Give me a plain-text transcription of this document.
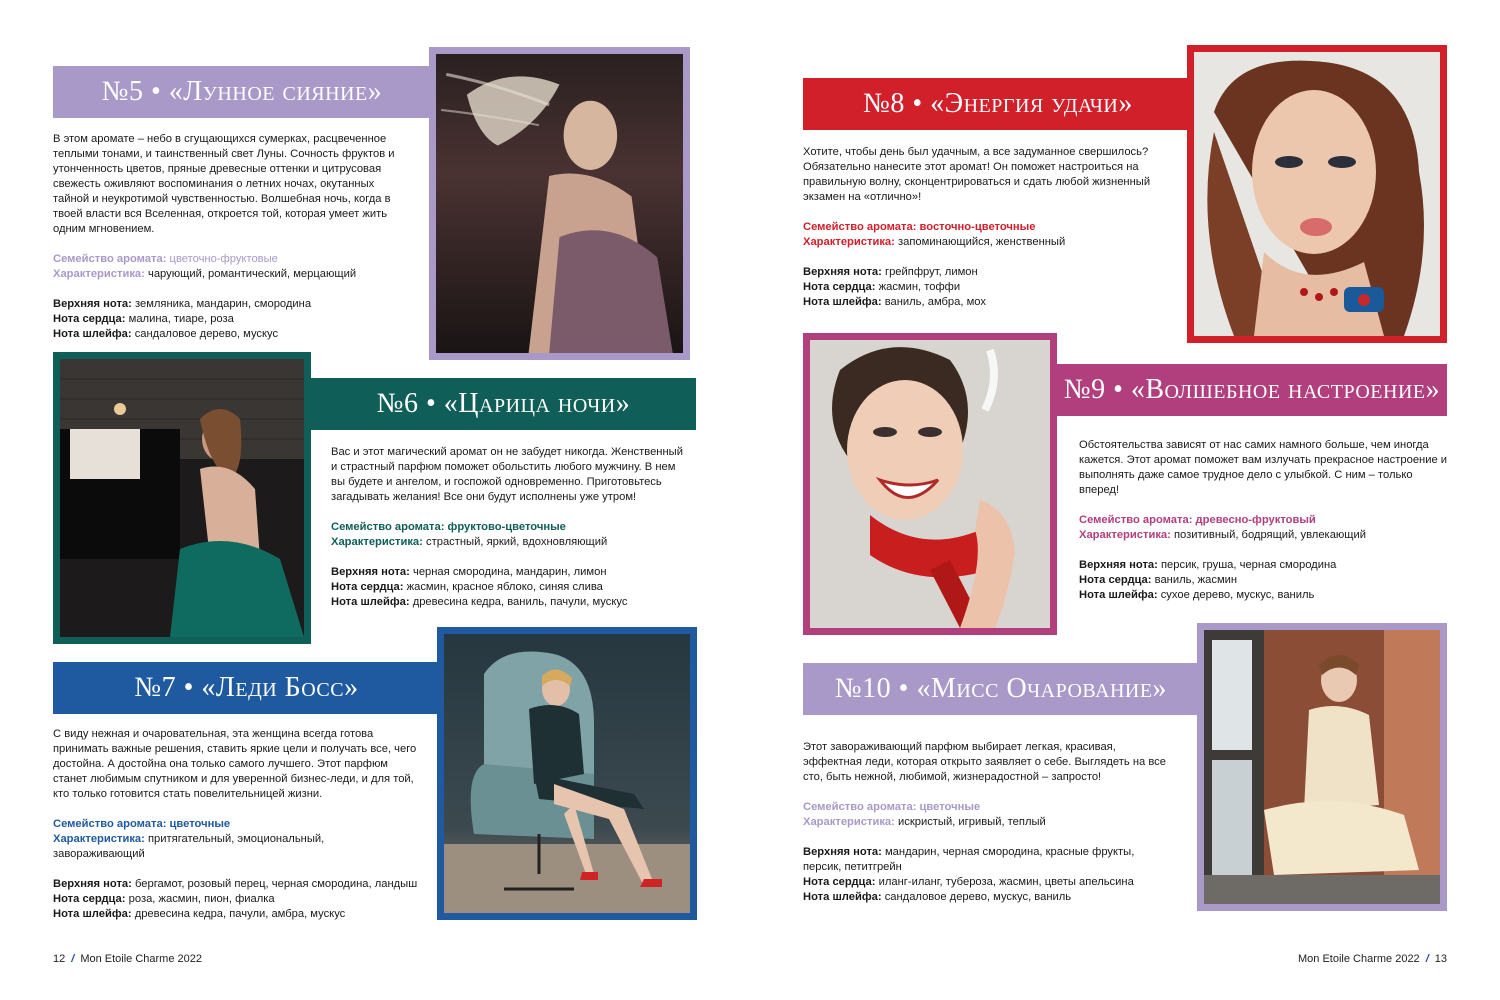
№5 • «Лунное сияние»

В этом аромате – небо в сгущающихся сумерках, расцвеченное теплыми тонами, и таинственный свет Луны. Сочность фруктов и утонченность цветов, пряные древесные оттенки и цитрусовая свежесть оживляют воспоминания о летних ночах, окутанных тайной и неукротимой чувственностью. Волшебная ночь, когда в твоей власти вся Вселенная, откроется той, которая умеет жить одним мгновением.

Семейство аромата: цветочно-фруктовые
Характеристика: чарующий, романтический, мерцающий
Верхняя нота: земляника, мандарин, смородина
Нота сердца: малина, тиаре, роза
Нота шлейфа: сандаловое дерево, мускус
№6 • «Царица ночи»

Вас и этот магический аромат он не забудет никогда. Женственный и страстный парфюм поможет обольстить любого мужчину. В нем вы будете и ангелом, и госпожой одновременно. Приготовьтесь загадывать желания! Все они будут исполнены уже утром!

Семейство аромата: фруктово-цветочные
Характеристика: страстный, яркий, вдохновляющий
Верхняя нота: черная смородина, мандарин, лимон
Нота сердца: жасмин, красное яблоко, синяя слива
Нота шлейфа: древесина кедра, ваниль, пачули, мускус
№7 • «Леди Босс»

С виду нежная и очаровательная, эта женщина всегда готова принимать важные решения, ставить яркие цели и получать все, чего достойна. А достойна она только самого лучшего. Этот парфюм станет любимым спутником и для уверенной бизнес-леди, и для той, кто только готовится стать повелительницей жизни.

Семейство аромата: цветочные
Характеристика: притягательный, эмоциональный, завораживающий
Верхняя нота: бергамот, розовый перец, черная смородина, ландыш
Нота сердца: роза, жасмин, пион, фиалка
Нота шлейфа: древесина кедра, пачули, амбра, мускус
№8 • «Энергия удачи»

Хотите, чтобы день был удачным, а все задуманное свершилось? Обязательно нанесите этот аромат! Он поможет настроиться на правильную волну, сконцентрироваться и сдать любой жизненный экзамен на «отлично»!

Семейство аромата: восточно-цветочные
Характеристика: запоминающийся, женственный
Верхняя нота: грейпфрут, лимон
Нота сердца: жасмин, тоффи
Нота шлейфа: ваниль, амбра, мох
№9 • «Волшебное настроение»

Обстоятельства зависят от нас самих намного больше, чем иногда кажется. Этот аромат поможет вам излучать прекрасное настроение и выполнять даже самое трудное дело с улыбкой. С ним – только вперед!

Семейство аромата: древесно-фруктовый
Характеристика: позитивный, бодрящий, увлекающий
Верхняя нота: персик, груша, черная смородина
Нота сердца: ваниль, жасмин
Нота шлейфа: сухое дерево, мускус, ваниль
№10 • «Мисс Очарование»

Этот завораживающий парфюм выбирает легкая, красивая, эффектная леди, которая открыто заявляет о себе. Выглядеть на все сто, быть нежной, любимой, жизнерадостной – запросто!

Семейство аромата: цветочные
Характеристика: искристый, игривый, теплый
Верхняя нота: мандарин, черная смородина, красные фрукты, персик, петитгрейн
Нота сердца: иланг-иланг, тубероза, жасмин, цветы апельсина
Нота шлейфа: сандаловое дерево, мускус, ваниль
12 / Mon Etoile Charme 2022	Mon Etoile Charme 2022 / 13
